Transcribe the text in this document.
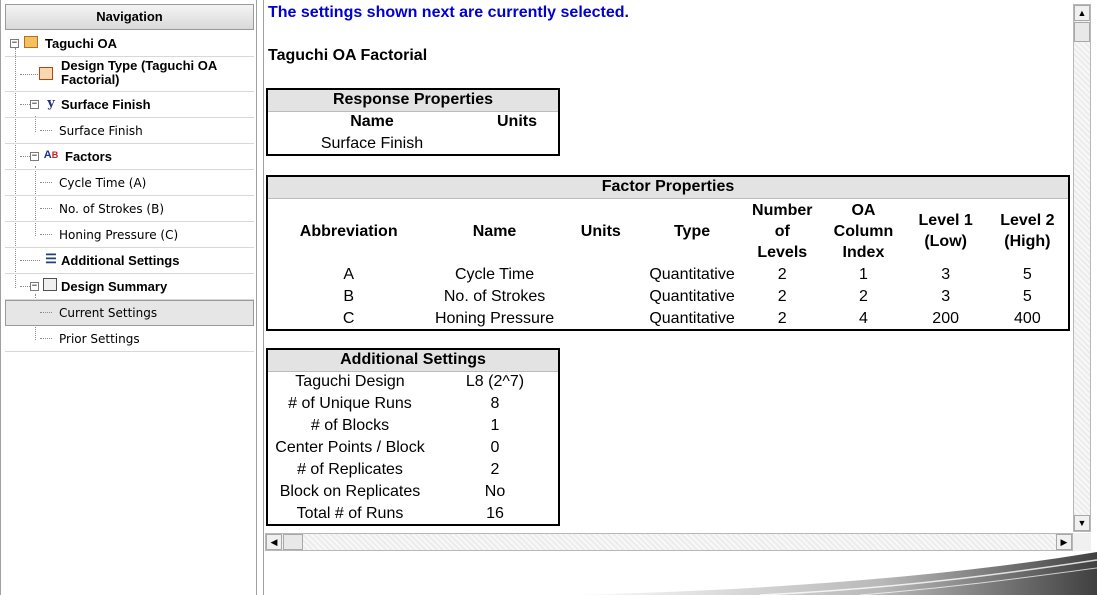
Navigation
− Taguchi OA
Design Type (Taguchi OA
Factorial)
− y Surface Finish
Surface Finish
− A B Factors
Cycle Time (A)
No. of Strokes (B)
Honing Pressure (C)
☰ Additional Settings
− Design Summary
Current Settings
Prior Settings
The settings shown next are currently selected.
Taguchi OA Factorial
Response Properties	
Name	Units
Surface Finish	
Factor Properties							
Abbreviation	Name	Units	Type	Number of Levels	OA Column Index	Level 1 (Low)	Level 2 (High)
A	Cycle Time		Quantitative	2	1	3	5
B	No. of Strokes		Quantitative	2	2	3	5
C	Honing Pressure		Quantitative	2	4	200	400
Additional Settings	
Taguchi Design	L8 (2^7)
# of Unique Runs	8
# of Blocks	1
Center Points / Block	0
# of Replicates	2
Block on Replicates	No
Total # of Runs	16
▲
▼
◀	▶
